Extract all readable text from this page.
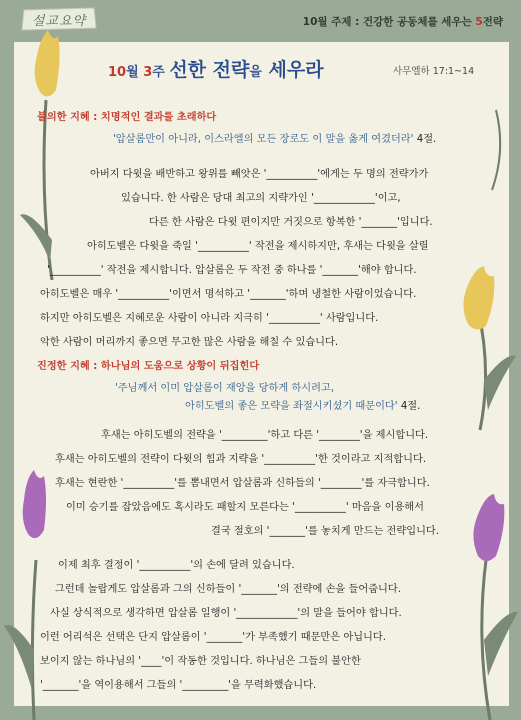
설교요약	10월 주제 : 건강한 공동체를 세우는 5전략
10월 3주 선한 전략을 세우라	사무엘하 17:1~14
불의한 지혜 : 치명적인 결과를 초래하다
'압살롬만이 아니라, 이스라엘의 모든 장로도 이 말을 옳게 여겼더라' 4절.
아버지 다윗을 배반하고 왕위를 빼앗은 '__________'에게는 두 명의 전략가가
있습니다. 한 사람은 당대 최고의 지략가인 '____________'이고,
다른 한 사람은 다윗 편이지만 거짓으로 항복한 '_______'입니다.
아히도벨은 다윗을 죽일 '__________' 작전을 제시하지만, 후새는 다윗을 살릴
'__________' 작전을 제시합니다. 압살롬은 두 작전 중 하나를 '_______'해야 합니다.
아히도벨은 매우 '__________'이면서 명석하고 '_______'하며 냉철한 사람이었습니다.
하지만 아히도벨은 지혜로운 사람이 아니라 지극히 '__________' 사람입니다.
악한 사람이 머리까지 좋으면 무고한 많은 사람을 해칠 수 있습니다.
진정한 지혜 : 하나님의 도움으로 상황이 뒤집힌다
'주님께서 이미 압살롬이 재앙을 당하게 하시려고,
아히도벨의 좋은 모략을 좌절시키셨기 때문이다' 4절.
후새는 아히도벨의 전략을 '_________'하고 다른 '________'을 제시합니다.
후새는 아히도벨의 전략이 다윗의 힘과 지략을 '__________'한 것이라고 지적합니다.
후새는 현란한 '__________'를 뽐내면서 압살롬과 신하들의 '________'를 자극합니다.
이미 승기를 잡았음에도 혹시라도 패할지 모른다는 '__________' 마음을 이용해서
결국 절호의 '_______'를 놓치게 만드는 전략입니다.
이제 최후 결정이 '__________'의 손에 달려 있습니다.
그런데 놀랍게도 압살롬과 그의 신하들이 '_______'의 전략에 손을 들어줍니다.
사실 상식적으로 생각하면 압살롬 일행이 '____________'의 말을 들어야 합니다.
이런 어리석은 선택은 단지 압살롬이 '_______'가 부족했기 때문만은 아닙니다.
보이지 않는 하나님의 '____'이 작동한 것입니다. 하나님은 그들의 불안한
'_______'을 역이용해서 그들의 '_________'을 무력화했습니다.
